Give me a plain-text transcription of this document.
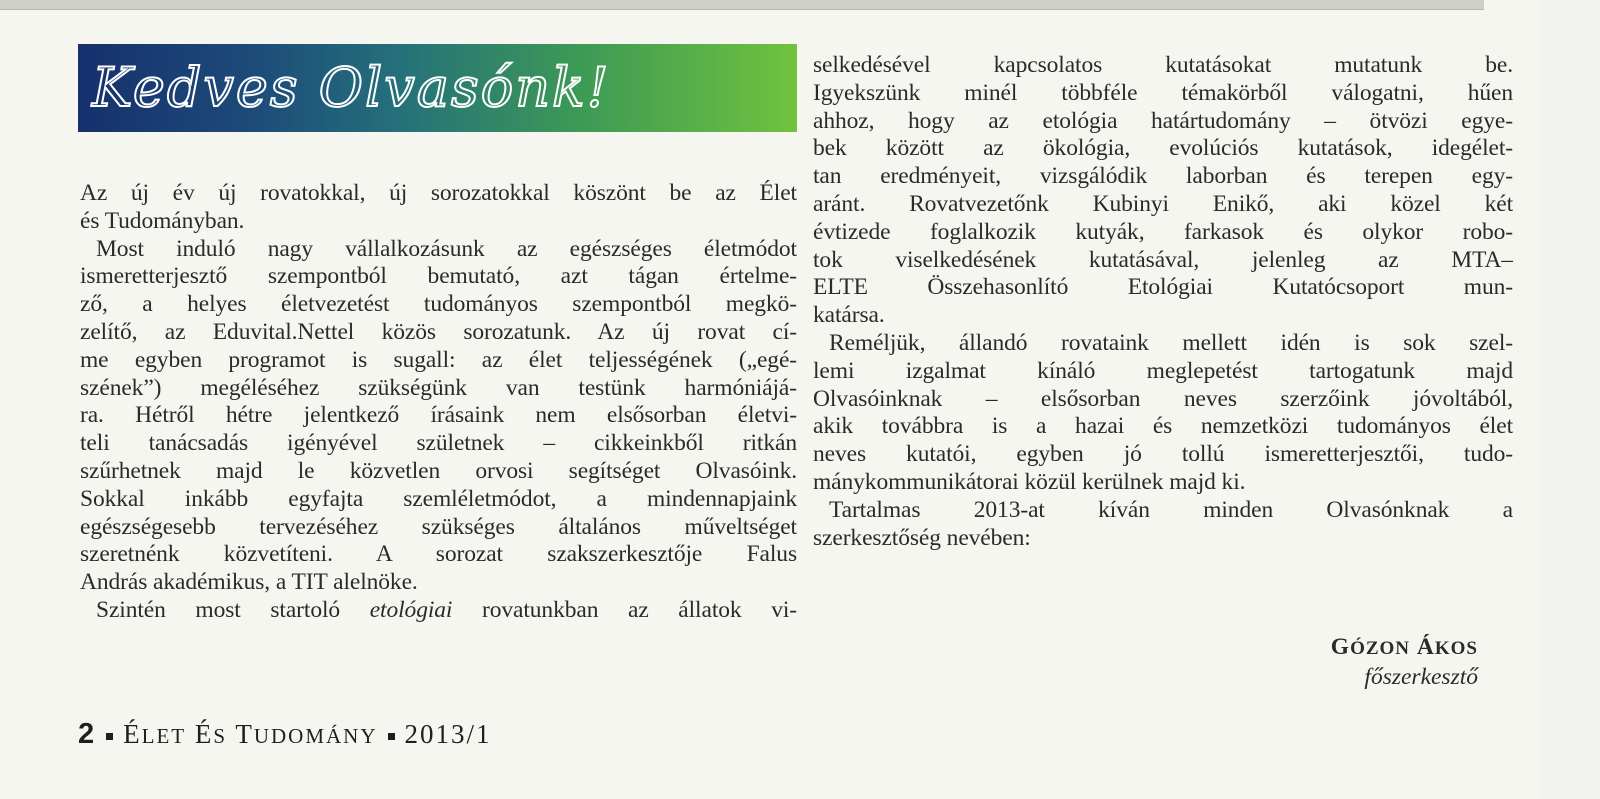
Kedves Olvasónk!
Az új év új rovatokkal, új sorozatokkal köszönt be az Élet
és Tudományban.
Most induló nagy vállalkozásunk az egészséges életmódot
ismeretterjesztő szempontból bemutató, azt tágan értelme-
ző, a helyes életvezetést tudományos szempontból megkö-
zelítő, az Eduvital.Nettel közös sorozatunk. Az új rovat cí-
me egyben programot is sugall: az élet teljességének („egé-
szének”) megéléséhez szükségünk van testünk harmóniájá-
ra. Hétről hétre jelentkező írásaink nem elsősorban életvi-
teli tanácsadás igényével születnek – cikkeinkből ritkán
szűrhetnek majd le közvetlen orvosi segítséget Olvasóink.
Sokkal inkább egyfajta szemléletmódot, a mindennapjaink
egészségesebb tervezéséhez szükséges általános műveltséget
szeretnénk közvetíteni. A sorozat szakszerkesztője Falus
András akadémikus, a TIT alelnöke.
Szintén most startoló etológiai rovatunkban az állatok vi-
selkedésével kapcsolatos kutatásokat mutatunk be.
Igyekszünk minél többféle témakörből válogatni, hűen
ahhoz, hogy az etológia határtudomány – ötvözi egye-
bek között az ökológia, evolúciós kutatások, idegélet-
tan eredményeit, vizsgálódik laborban és terepen egy-
aránt. Rovatvezetőnk Kubinyi Enikő, aki közel két
évtizede foglalkozik kutyák, farkasok és olykor robo-
tok viselkedésének kutatásával, jelenleg az MTA–
ELTE Összehasonlító Etológiai Kutatócsoport mun-
katársa.
Reméljük, állandó rovataink mellett idén is sok szel-
lemi izgalmat kínáló meglepetést tartogatunk majd
Olvasóinknak – elsősorban neves szerzőink jóvoltából,
akik továbbra is a hazai és nemzetközi tudományos élet
neves kutatói, egyben jó tollú ismeretterjesztői, tudo-
mánykommunikátorai közül kerülnek majd ki.
Tartalmas 2013-at kíván minden Olvasónknak a
szerkesztőség nevében:
GÓZON ÁKOS
főszerkesztő
2 ÉLET ÉS TUDOMÁNY 2013/1
